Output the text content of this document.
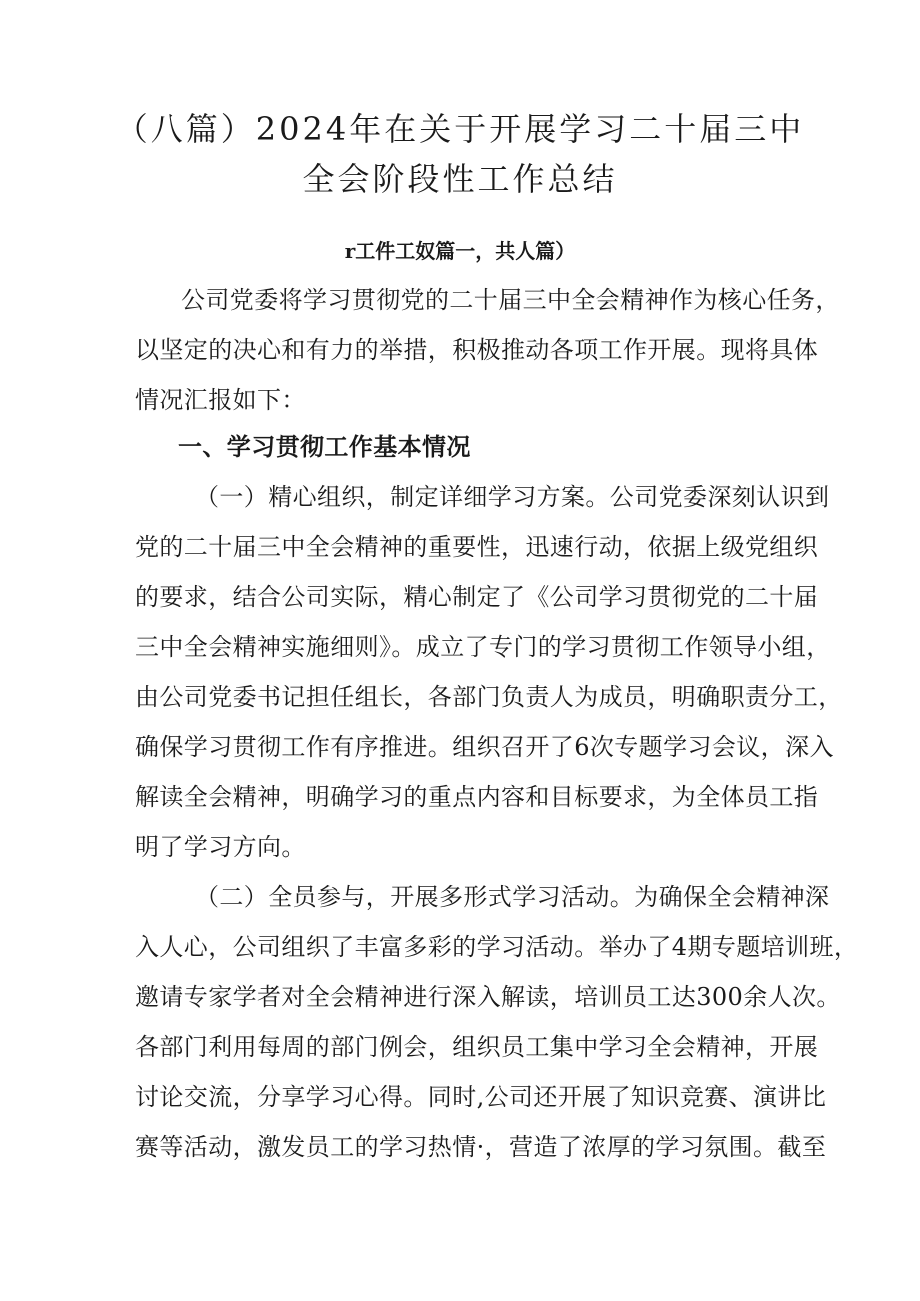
（八篇）2024年在关于开展学习二十届三中
全会阶段性工作总结
r工件工奴篇一，共人篇）
公司党委将学习贯彻党的二十届三中全会精神作为核心任务，
以坚定的决心和有力的举措，积极推动各项工作开展。现将具体
情况汇报如下：
一、学习贯彻工作基本情况
（一）精心组织，制定详细学习方案。公司党委深刻认识到
党的二十届三中全会精神的重要性，迅速行动，依据上级党组织
的要求，结合公司实际，精心制定了《公司学习贯彻党的二十届
三中全会精神实施细则》。成立了专门的学习贯彻工作领导小组，
由公司党委书记担任组长，各部门负责人为成员，明确职责分工，
确保学习贯彻工作有序推进。组织召开了6次专题学习会议，深入
解读全会精神，明确学习的重点内容和目标要求，为全体员工指
明了学习方向。
（二）全员参与，开展多形式学习活动。为确保全会精神深
入人心，公司组织了丰富多彩的学习活动。举办了4期专题培训班，
邀请专家学者对全会精神进行深入解读，培训员工达300余人次。
各部门利用每周的部门例会，组织员工集中学习全会精神，开展
讨论交流，分享学习心得。同时,公司还开展了知识竞赛、演讲比
赛等活动，激发员工的学习热情·，营造了浓厚的学习氛围。截至
